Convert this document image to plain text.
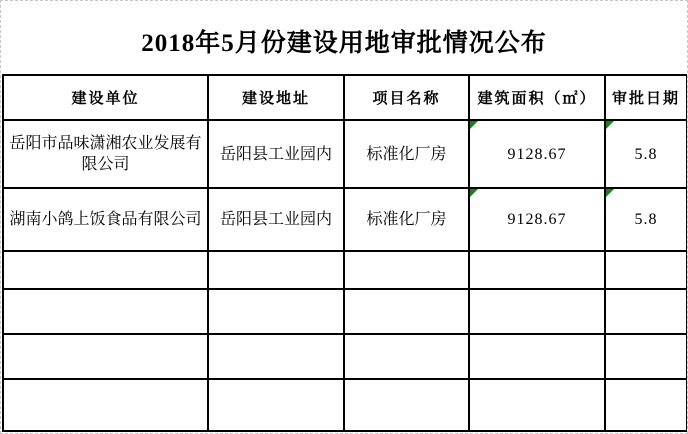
2018年5月份建设用地审批情况公布
建设单位	建设地址	项目名称	建筑面积（㎡）	审批日期
岳阳市品味潇湘农业发展有限公司	岳阳县工业园内	标准化厂房	9128.67	5.8
湖南小鸽上饭食品有限公司	岳阳县工业园内	标准化厂房	9128.67	5.8
